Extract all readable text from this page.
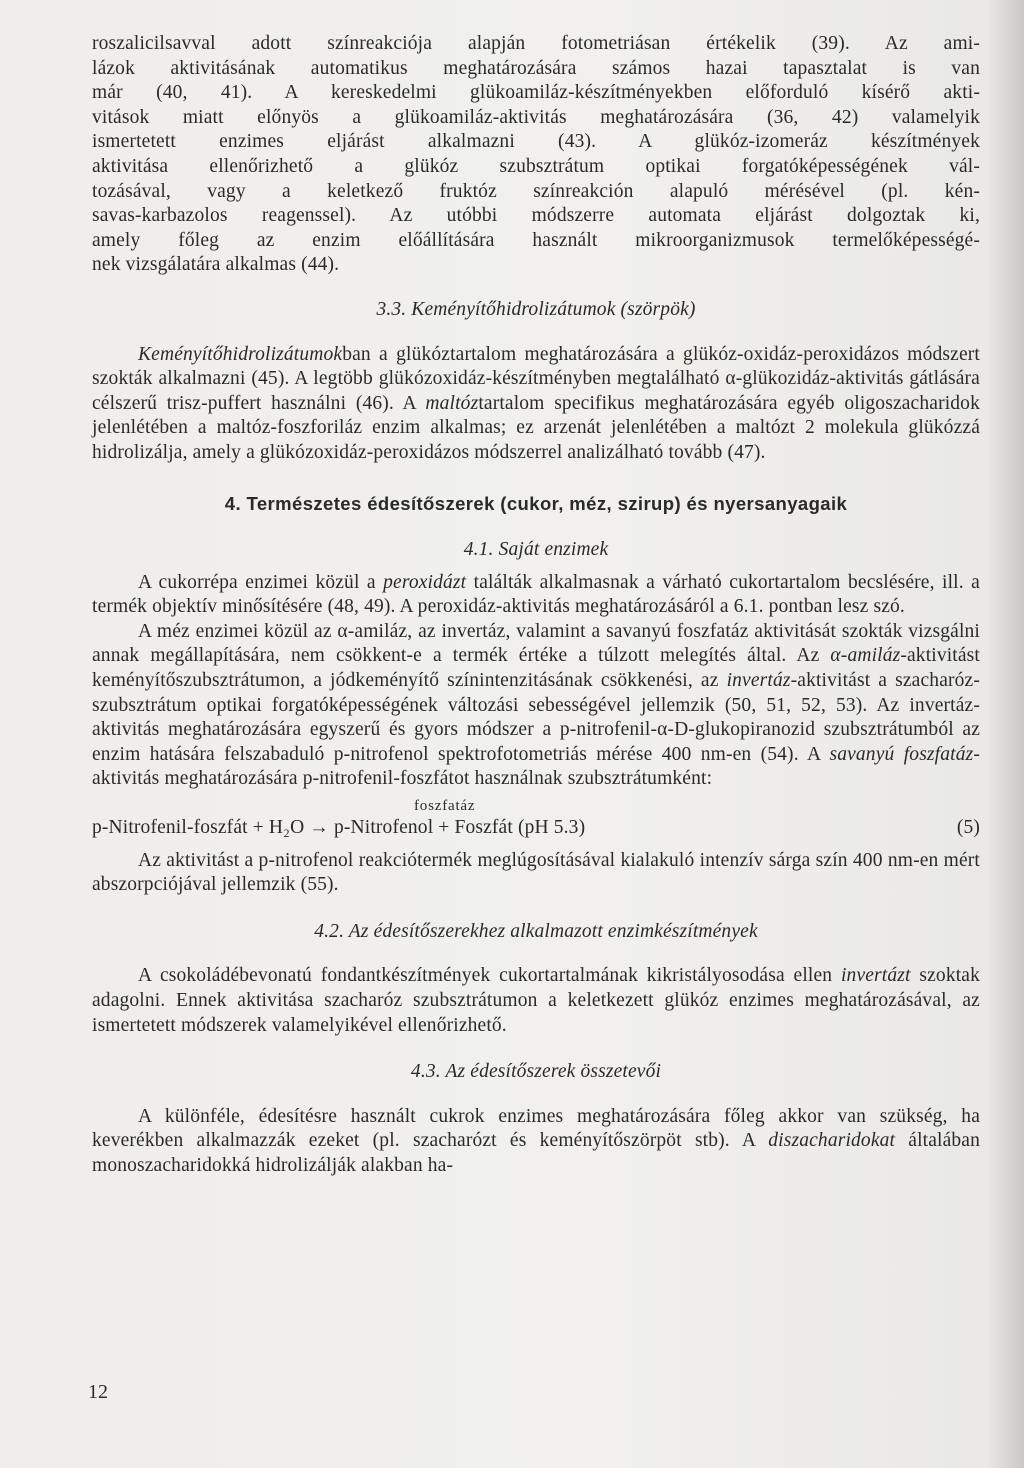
roszalicilsavval adott színreakciója alapján fotometriásan értékelik (39). Az ami-
lázok aktivitásának automatikus meghatározására számos hazai tapasztalat is van
már (40, 41). A kereskedelmi glükoamiláz-készítményekben előforduló kísérő akti-
vitások miatt előnyös a glükoamiláz-aktivitás meghatározására (36, 42) valamelyik
ismertetett enzimes eljárást alkalmazni (43). A glükóz-izomeráz készítmények
aktivitása ellenőrizhető a glükóz szubsztrátum optikai forgatóképességének vál-
tozásával, vagy a keletkező fruktóz színreakción alapuló mérésével (pl. kén-
savas-karbazolos reagenssel). Az utóbbi módszerre automata eljárást dolgoztak ki,
amely főleg az enzim előállítására használt mikroorganizmusok termelőképességé-
nek vizsgálatára alkalmas (44).
3.3. Keményítőhidrolizátumok (szörpök)

Keményítőhidrolizátumokban a glükóztartalom meghatározására a glükóz-oxidáz-peroxidázos módszert szokták alkalmazni (45). A legtöbb glükózoxidáz-készítményben megtalálható α-glükozidáz-aktivitás gátlására célszerű trisz-puffert használni (46). A maltóztartalom specifikus meghatározására egyéb oligoszacharidok jelenlétében a maltóz-foszforiláz enzim alkalmas; ez arzenát jelenlétében a maltózt 2 molekula glükózzá hidrolizálja, amely a glükózoxidáz-peroxidázos módszerrel analizálható tovább (47).

4. Természetes édesítőszerek (cukor, méz, szirup) és nyersanyagaik
4.1. Saját enzimek

A cukorrépa enzimei közül a peroxidázt találták alkalmasnak a várható cukortartalom becslésére, ill. a termék objektív minősítésére (48, 49). A peroxidáz-aktivitás meghatározásáról a 6.1. pontban lesz szó.

A méz enzimei közül az α-amiláz, az invertáz, valamint a savanyú foszfatáz aktivitását szokták vizsgálni annak megállapítására, nem csökkent-e a termék értéke a túlzott melegítés által. Az α-amiláz-aktivitást keményítőszubsztrátumon, a jódkeményítő színintenzitásának csökkenési, az invertáz-aktivitást a szacharóz-szubsztrátum optikai forgatóképességének változási sebességével jellemzik (50, 51, 52, 53). Az invertáz-aktivitás meghatározására egyszerű és gyors módszer a p-nitrofenil-α-D-glukopiranozid szubsztrátumból az enzim hatására felszabaduló p-nitrofenol spektrofotometriás mérése 400 nm-en (54). A savanyú foszfatáz-aktivitás meghatározására p-nitrofenil-foszfátot használnak szubsztrátumként:

foszfatáz
p-Nitrofenil-foszfát + H₂O → p-Nitrofenol + Foszfát (pH 5.3)	(5)

Az aktivitást a p-nitrofenol reakciótermék meglúgosításával kialakuló intenzív sárga szín 400 nm-en mért abszorpciójával jellemzik (55).

4.2. Az édesítőszerekhez alkalmazott enzimkészítmények

A csokoládébevonatú fondantkészítmények cukortartalmának kikristályosodása ellen invertázt szoktak adagolni. Ennek aktivitása szacharóz szubsztrátumon a keletkezett glükóz enzimes meghatározásával, az ismertetett módszerek valamelyikével ellenőrizhető.

4.3. Az édesítőszerek összetevői

A különféle, édesítésre használt cukrok enzimes meghatározására főleg akkor van szükség, ha keverékben alkalmazzák ezeket (pl. szacharózt és keményítőszörpöt stb). A diszacharidokat általában monoszacharidokká hidrolizálják alakban ha-

12
